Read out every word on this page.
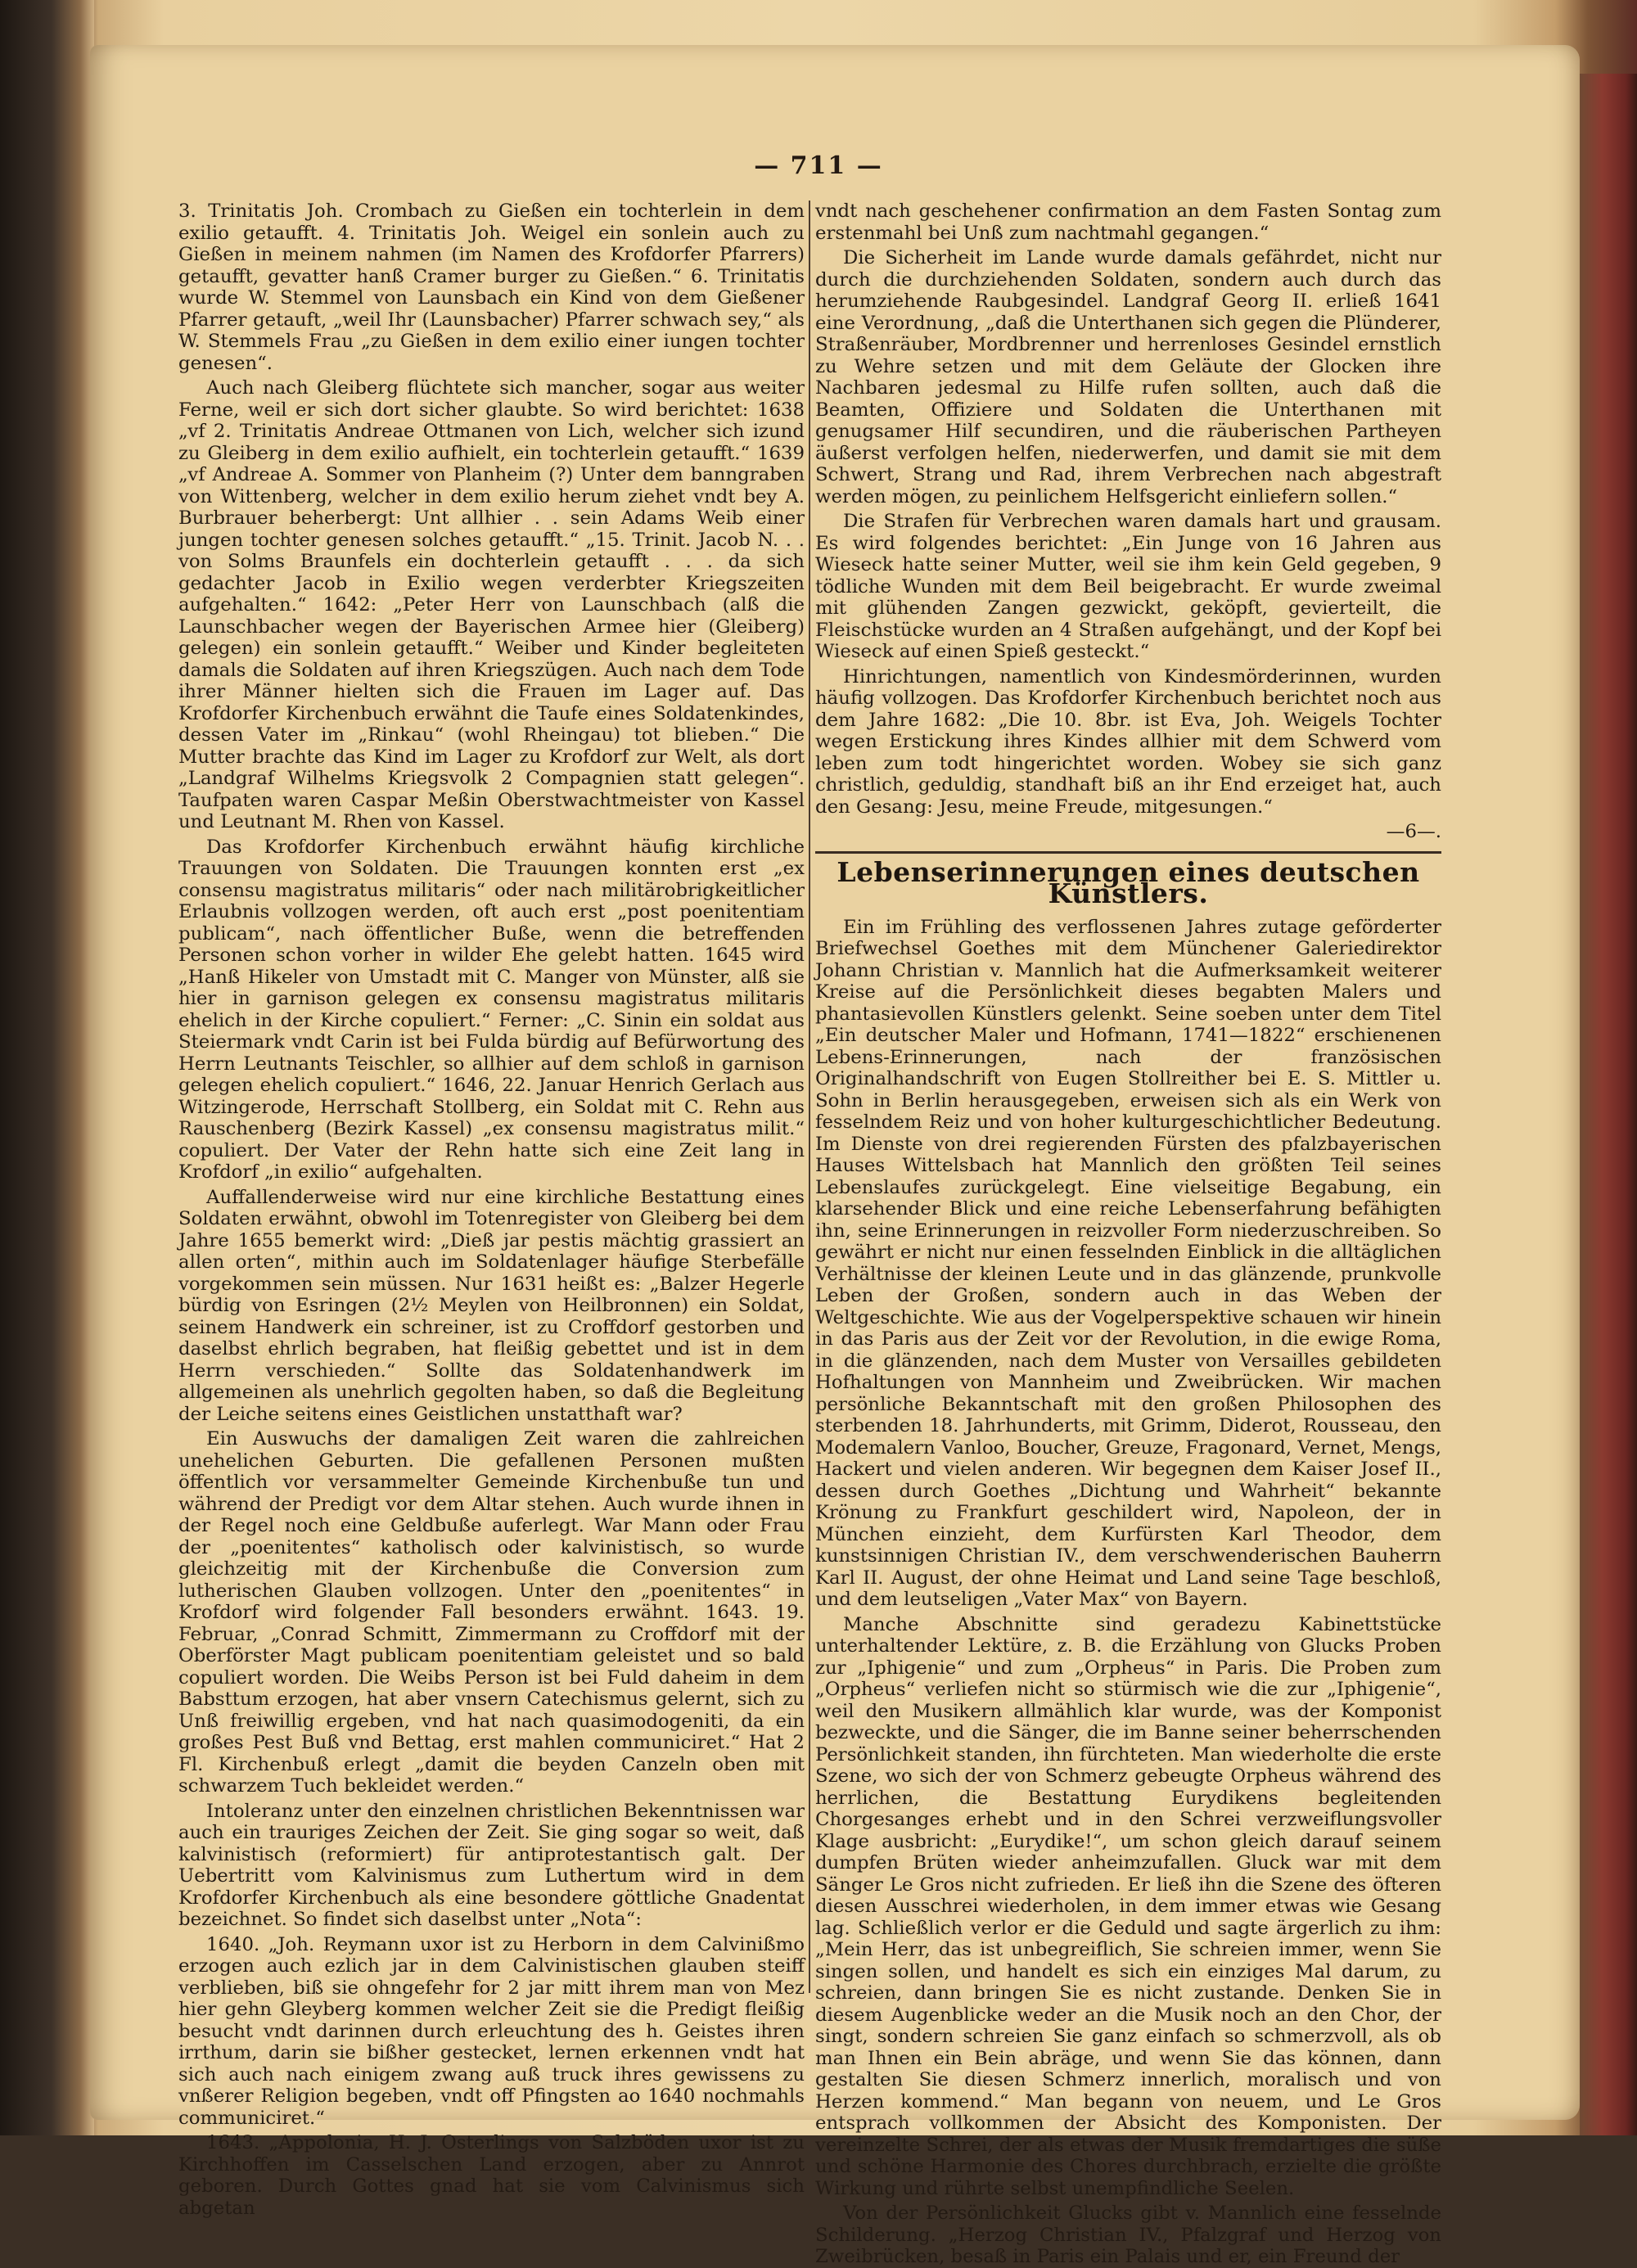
— 711 —

3. Trinitatis Joh. Crombach zu Gießen ein tochterlein in dem exilio getaufft. 4. Trinitatis Joh. Weigel ein sonlein auch zu Gießen in meinem nahmen (im Namen des Krofdorfer Pfarrers) getaufft, gevatter hanß Cramer burger zu Gießen.“ 6. Trinitatis wurde W. Stemmel von Launsbach ein Kind von dem Gießener Pfarrer getauft, „weil Ihr (Launsbacher) Pfarrer schwach sey,“ als W. Stemmels Frau „zu Gießen in dem exilio einer iungen tochter genesen“.

Auch nach Gleiberg flüchtete sich mancher, sogar aus weiter Ferne, weil er sich dort sicher glaubte. So wird berichtet: 1638 „vf 2. Trinitatis Andreae Ottmanen von Lich, welcher sich izund zu Gleiberg in dem exilio aufhielt, ein tochterlein getaufft.“ 1639 „vf Andreae A. Sommer von Planheim (?) Unter dem banngraben von Wittenberg, welcher in dem exilio herum ziehet vndt bey A. Burbrauer beherbergt: Unt allhier . . sein Adams Weib einer jungen tochter genesen solches getaufft.“ „15. Trinit. Jacob N. . . von Solms Braunfels ein dochterlein getaufft . . . da sich gedachter Jacob in Exilio wegen verderbter Kriegszeiten aufgehalten.“ 1642: „Peter Herr von Launschbach (alß die Launschbacher wegen der Bayerischen Armee hier (Gleiberg) gelegen) ein sonlein getaufft.“ Weiber und Kinder begleiteten damals die Soldaten auf ihren Kriegszügen. Auch nach dem Tode ihrer Männer hielten sich die Frauen im Lager auf. Das Krofdorfer Kirchenbuch erwähnt die Taufe eines Soldatenkindes, dessen Vater im „Rinkau“ (wohl Rheingau) tot blieben.“ Die Mutter brachte das Kind im Lager zu Krofdorf zur Welt, als dort „Landgraf Wilhelms Kriegsvolk 2 Compagnien statt gelegen“. Taufpaten waren Caspar Meßin Oberstwachtmeister von Kassel und Leutnant M. Rhen von Kassel.

Das Krofdorfer Kirchenbuch erwähnt häufig kirchliche Trauungen von Soldaten. Die Trauungen konnten erst „ex consensu magistratus militaris“ oder nach militärobrigkeitlicher Erlaubnis vollzogen werden, oft auch erst „post poenitentiam publicam“, nach öffentlicher Buße, wenn die betreffenden Personen schon vorher in wilder Ehe gelebt hatten. 1645 wird „Hanß Hikeler von Umstadt mit C. Manger von Münster, alß sie hier in garnison gelegen ex consensu magistratus militaris ehelich in der Kirche copuliert.“ Ferner: „C. Sinin ein soldat aus Steiermark vndt Carin ist bei Fulda bürdig auf Befürwortung des Herrn Leutnants Teischler, so allhier auf dem schloß in garnison gelegen ehelich copuliert.“ 1646, 22. Januar Henrich Gerlach aus Witzingerode, Herrschaft Stollberg, ein Soldat mit C. Rehn aus Rauschenberg (Bezirk Kassel) „ex consensu magistratus milit.“ copuliert. Der Vater der Rehn hatte sich eine Zeit lang in Krofdorf „in exilio“ aufgehalten.

Auffallenderweise wird nur eine kirchliche Bestattung eines Soldaten erwähnt, obwohl im Totenregister von Gleiberg bei dem Jahre 1655 bemerkt wird: „Dieß jar pestis mächtig grassiert an allen orten“, mithin auch im Soldatenlager häufige Sterbefälle vorgekommen sein müssen. Nur 1631 heißt es: „Balzer Hegerle bürdig von Esringen (2½ Meylen von Heilbronnen) ein Soldat, seinem Handwerk ein schreiner, ist zu Croffdorf gestorben und daselbst ehrlich begraben, hat fleißig gebettet und ist in dem Herrn verschieden.“ Sollte das Soldatenhandwerk im allgemeinen als unehrlich gegolten haben, so daß die Begleitung der Leiche seitens eines Geistlichen unstatthaft war?

Ein Auswuchs der damaligen Zeit waren die zahlreichen unehelichen Geburten. Die gefallenen Personen mußten öffentlich vor versammelter Gemeinde Kirchenbuße tun und während der Predigt vor dem Altar stehen. Auch wurde ihnen in der Regel noch eine Geldbuße auferlegt. War Mann oder Frau der „poenitentes“ katholisch oder kalvinistisch, so wurde gleichzeitig mit der Kirchenbuße die Conversion zum lutherischen Glauben vollzogen. Unter den „poenitentes“ in Krofdorf wird folgender Fall besonders erwähnt. 1643. 19. Februar, „Conrad Schmitt, Zimmermann zu Croffdorf mit der Oberförster Magt publicam poenitentiam geleistet und so bald copuliert worden. Die Weibs Person ist bei Fuld daheim in dem Babsttum erzogen, hat aber vnsern Catechismus gelernt, sich zu Unß freiwillig ergeben, vnd hat nach quasimodogeniti, da ein großes Pest Buß vnd Bettag, erst mahlen communiciret.“ Hat 2 Fl. Kirchenbuß erlegt „damit die beyden Canzeln oben mit schwarzem Tuch bekleidet werden.“

Intoleranz unter den einzelnen christlichen Bekenntnissen war auch ein trauriges Zeichen der Zeit. Sie ging sogar so weit, daß kalvinistisch (reformiert) für antiprotestantisch galt. Der Uebertritt vom Kalvinismus zum Luthertum wird in dem Krofdorfer Kirchenbuch als eine besondere göttliche Gnadentat bezeichnet. So findet sich daselbst unter „Nota“:

1640. „Joh. Reymann uxor ist zu Herborn in dem Calvinißmo erzogen auch ezlich jar in dem Calvinistischen glauben steiff verblieben, biß sie ohngefehr for 2 jar mitt ihrem man von Mez hier gehn Gleyberg kommen welcher Zeit sie die Predigt fleißig besucht vndt darinnen durch erleuchtung des h. Geistes ihren irrthum, darin sie bißher gestecket, lernen erkennen vndt hat sich auch nach einigem zwang auß truck ihres gewissens zu vnßerer Religion begeben, vndt off Pfingsten ao 1640 nochmahls communiciret.“

1643. „Appolonia, H. J. Osterlings von Salzböden uxor ist zu Kirchhoffen im Casselschen Land erzogen, aber zu Annrot geboren. Durch Gottes gnad hat sie vom Calvinismus sich abgetan

vndt nach geschehener confirmation an dem Fasten Sontag zum erstenmahl bei Unß zum nachtmahl gegangen.“

Die Sicherheit im Lande wurde damals gefährdet, nicht nur durch die durchziehenden Soldaten, sondern auch durch das herumziehende Raubgesindel. Landgraf Georg II. erließ 1641 eine Verordnung, „daß die Unterthanen sich gegen die Plünderer, Straßenräuber, Mordbrenner und herrenloses Gesindel ernstlich zu Wehre setzen und mit dem Geläute der Glocken ihre Nachbaren jedesmal zu Hilfe rufen sollten, auch daß die Beamten, Offiziere und Soldaten die Unterthanen mit genugsamer Hilf secundiren, und die räuberischen Partheyen äußerst verfolgen helfen, niederwerfen, und damit sie mit dem Schwert, Strang und Rad, ihrem Verbrechen nach abgestraft werden mögen, zu peinlichem Helfsgericht einliefern sollen.“

Die Strafen für Verbrechen waren damals hart und grausam. Es wird folgendes berichtet: „Ein Junge von 16 Jahren aus Wieseck hatte seiner Mutter, weil sie ihm kein Geld gegeben, 9 tödliche Wunden mit dem Beil beigebracht. Er wurde zweimal mit glühenden Zangen gezwickt, geköpft, gevierteilt, die Fleischstücke wurden an 4 Straßen aufgehängt, und der Kopf bei Wieseck auf einen Spieß gesteckt.“

Hinrichtungen, namentlich von Kindesmörderinnen, wurden häufig vollzogen. Das Krofdorfer Kirchenbuch berichtet noch aus dem Jahre 1682: „Die 10. 8br. ist Eva, Joh. Weigels Tochter wegen Erstickung ihres Kindes allhier mit dem Schwerd vom leben zum todt hingerichtet worden. Wobey sie sich ganz christlich, geduldig, standhaft biß an ihr End erzeiget hat, auch den Gesang: Jesu, meine Freude, mitgesungen.“

—6—.
Lebenserinnerungen eines deutschen Künstlers.

Ein im Frühling des verflossenen Jahres zutage geförderter Briefwechsel Goethes mit dem Münchener Galeriedirektor Johann Christian v. Mannlich hat die Aufmerksamkeit weiterer Kreise auf die Persönlichkeit dieses begabten Malers und phantasievollen Künstlers gelenkt. Seine soeben unter dem Titel „Ein deutscher Maler und Hofmann, 1741—1822“ erschienenen Lebens-Erinnerungen, nach der französischen Originalhandschrift von Eugen Stollreither bei E. S. Mittler u. Sohn in Berlin herausgegeben, erweisen sich als ein Werk von fesselndem Reiz und von hoher kulturgeschichtlicher Bedeutung. Im Dienste von drei regierenden Fürsten des pfalzbayerischen Hauses Wittelsbach hat Mannlich den größten Teil seines Lebenslaufes zurückgelegt. Eine vielseitige Begabung, ein klarsehender Blick und eine reiche Lebenserfahrung befähigten ihn, seine Erinnerungen in reizvoller Form niederzuschreiben. So gewährt er nicht nur einen fesselnden Einblick in die alltäglichen Verhältnisse der kleinen Leute und in das glänzende, prunkvolle Leben der Großen, sondern auch in das Weben der Weltgeschichte. Wie aus der Vogelperspektive schauen wir hinein in das Paris aus der Zeit vor der Revolution, in die ewige Roma, in die glänzenden, nach dem Muster von Versailles gebildeten Hofhaltungen von Mannheim und Zweibrücken. Wir machen persönliche Bekanntschaft mit den großen Philosophen des sterbenden 18. Jahrhunderts, mit Grimm, Diderot, Rousseau, den Modemalern Vanloo, Boucher, Greuze, Fragonard, Vernet, Mengs, Hackert und vielen anderen. Wir begegnen dem Kaiser Josef II., dessen durch Goethes „Dichtung und Wahrheit“ bekannte Krönung zu Frankfurt geschildert wird, Napoleon, der in München einzieht, dem Kurfürsten Karl Theodor, dem kunstsinnigen Christian IV., dem verschwenderischen Bauherrn Karl II. August, der ohne Heimat und Land seine Tage beschloß, und dem leutseligen „Vater Max“ von Bayern.

Manche Abschnitte sind geradezu Kabinettstücke unterhaltender Lektüre, z. B. die Erzählung von Glucks Proben zur „Iphigenie“ und zum „Orpheus“ in Paris. Die Proben zum „Orpheus“ verliefen nicht so stürmisch wie die zur „Iphigenie“, weil den Musikern allmählich klar wurde, was der Komponist bezweckte, und die Sänger, die im Banne seiner beherrschenden Persönlichkeit standen, ihn fürchteten. Man wiederholte die erste Szene, wo sich der von Schmerz gebeugte Orpheus während des herrlichen, die Bestattung Eurydikens begleitenden Chorgesanges erhebt und in den Schrei verzweiflungsvoller Klage ausbricht: „Eurydike!“, um schon gleich darauf seinem dumpfen Brüten wieder anheimzufallen. Gluck war mit dem Sänger Le Gros nicht zufrieden. Er ließ ihn die Szene des öfteren diesen Ausschrei wiederholen, in dem immer etwas wie Gesang lag. Schließlich verlor er die Geduld und sagte ärgerlich zu ihm: „Mein Herr, das ist unbegreiflich, Sie schreien immer, wenn Sie singen sollen, und handelt es sich ein einziges Mal darum, zu schreien, dann bringen Sie es nicht zustande. Denken Sie in diesem Augenblicke weder an die Musik noch an den Chor, der singt, sondern schreien Sie ganz einfach so schmerzvoll, als ob man Ihnen ein Bein abräge, und wenn Sie das können, dann gestalten Sie diesen Schmerz innerlich, moralisch und von Herzen kommend.“ Man begann von neuem, und Le Gros entsprach vollkommen der Absicht des Komponisten. Der vereinzelte Schrei, der als etwas der Musik fremdartiges die süße und schöne Harmonie des Chores durchbrach, erzielte die größte Wirkung und rührte selbst unempfindliche Seelen.

Von der Persönlichkeit Glucks gibt v. Mannlich eine fesselnde Schilderung. „Herzog Christian IV., Pfalzgraf und Herzog von Zweibrücken, besaß in Paris ein Palais und er, ein Freund der
